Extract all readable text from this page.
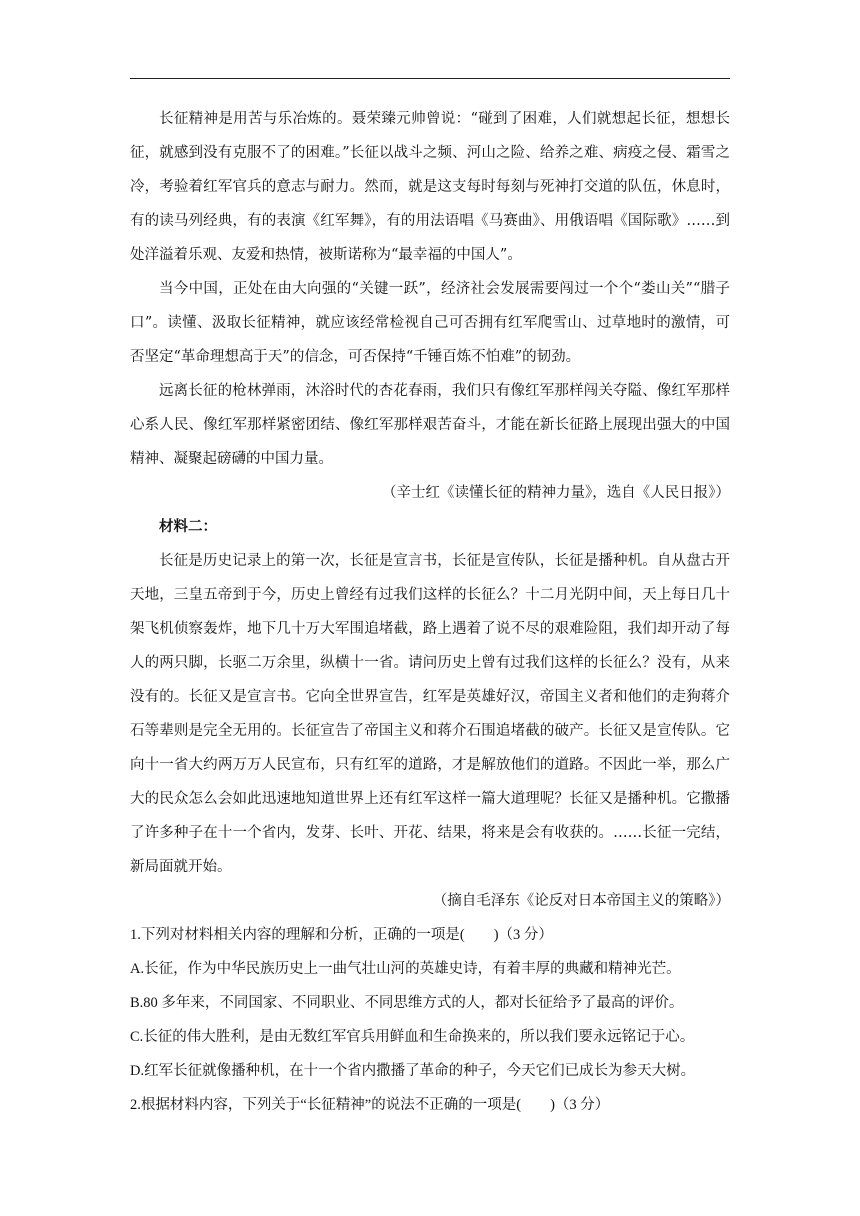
长征精神是用苦与乐冶炼的。聂荣臻元帅曾说：“碰到了困难，人们就想起长征，想想长征，就感到没有克服不了的困难。”长征以战斗之频、河山之险、给养之难、病疫之侵、霜雪之冷，考验着红军官兵的意志与耐力。然而，就是这支每时每刻与死神打交道的队伍，休息时，有的读马列经典，有的表演《红军舞》，有的用法语唱《马赛曲》、用俄语唱《国际歌》……到处洋溢着乐观、友爱和热情，被斯诺称为“最幸福的中国人”。

当今中国，正处在由大向强的“关键一跃”，经济社会发展需要闯过一个个“娄山关”“腊子口”。读懂、汲取长征精神，就应该经常检视自己可否拥有红军爬雪山、过草地时的激情，可否坚定“革命理想高于天”的信念，可否保持“千锤百炼不怕难”的韧劲。

远离长征的枪林弹雨，沐浴时代的杏花春雨，我们只有像红军那样闯关夺隘、像红军那样心系人民、像红军那样紧密团结、像红军那样艰苦奋斗，才能在新长征路上展现出强大的中国精神、凝聚起磅礴的中国力量。

（辛士红《读懂长征的精神力量》，选自《人民日报》）

材料二：

长征是历史记录上的第一次，长征是宣言书，长征是宣传队，长征是播种机。自从盘古开天地，三皇五帝到于今，历史上曾经有过我们这样的长征么？十二月光阴中间，天上每日几十架飞机侦察轰炸，地下几十万大军围追堵截，路上遇着了说不尽的艰难险阻，我们却开动了每人的两只脚，长驱二万余里，纵横十一省。请问历史上曾有过我们这样的长征么？没有，从来没有的。长征又是宣言书。它向全世界宣告，红军是英雄好汉，帝国主义者和他们的走狗蒋介石等辈则是完全无用的。长征宣告了帝国主义和蒋介石围追堵截的破产。长征又是宣传队。它向十一省大约两万万人民宣布，只有红军的道路，才是解放他们的道路。不因此一举，那么广大的民众怎么会如此迅速地知道世界上还有红军这样一篇大道理呢？长征又是播种机。它撒播了许多种子在十一个省内，发芽、长叶、开花、结果，将来是会有收获的。……长征一完结，新局面就开始。

（摘自毛泽东《论反对日本帝国主义的策略》）

1.下列对材料相关内容的理解和分析，正确的一项是(　　)（3 分）

A.长征，作为中华民族历史上一曲气壮山河的英雄史诗，有着丰厚的典藏和精神光芒。

B.80 多年来，不同国家、不同职业、不同思维方式的人，都对长征给予了最高的评价。

C.长征的伟大胜利，是由无数红军官兵用鲜血和生命换来的，所以我们要永远铭记于心。

D.红军长征就像播种机，在十一个省内撒播了革命的种子，今天它们已成长为参天大树。

2.根据材料内容，下列关于“长征精神”的说法不正确的一项是(　　)（3 分）
